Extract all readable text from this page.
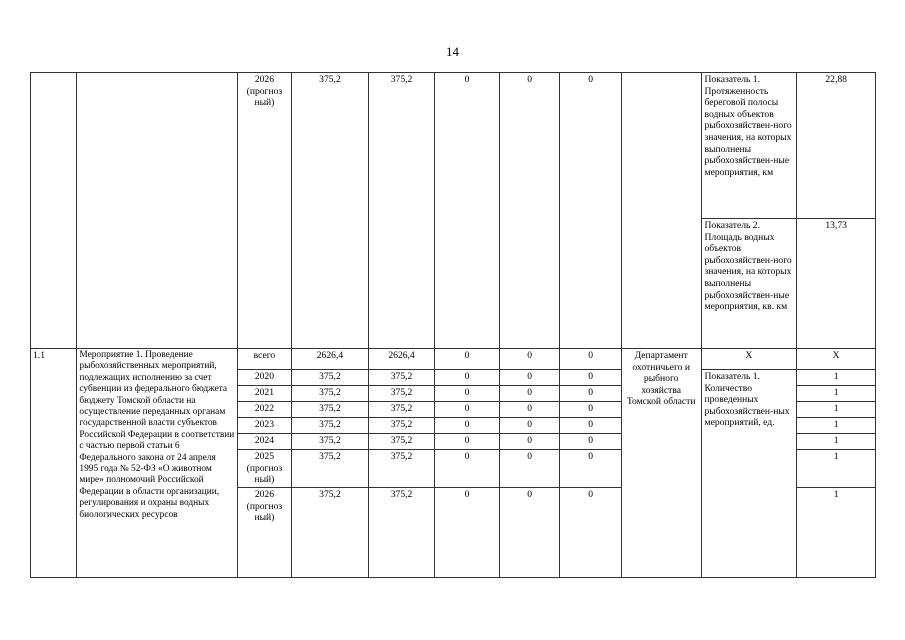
14
		2026 (прогноз ный)	375,2	375,2	0	0	0		Показатель 1. Протяженность береговой полосы водных объектов рыбохозяйствен-ного значения, на которых выполнены рыбохозяйствен-ные мероприятия, км	22,88
									Показатель 2. Площадь водных объектов рыбохозяйствен-ного значения, на которых выполнены рыбохозяйствен-ные мероприятия, кв. км	13,73
1.1	Мероприятие 1. Проведение рыбохозяйственных мероприятий, подлежащих исполнению за счет субвенции из федерального бюджета бюджету Томской области на осуществление переданных органам государственной власти субъектов Российской Федерации в соответствии с частью первой статьи 6 Федерального закона от 24 апреля 1995 года № 52-ФЗ «О животном мире» полномочий Российской Федерации в области организации, регулирования и охраны водных биологических ресурсов	всего	2626,4	2626,4	0	0	0	Департамент охотничьего и рыбного хозяйства Томской области	Х	Х
		2020	375,2	375,2	0	0	0		Показатель 1. Количество проведенных рыбохозяйствен-ных мероприятий, ед.	1
		2021	375,2	375,2	0	0	0			1
		2022	375,2	375,2	0	0	0			1
		2023	375,2	375,2	0	0	0			1
		2024	375,2	375,2	0	0	0			1
		2025 (прогноз ный)	375,2	375,2	0	0	0			1
		2026 (прогноз ный)	375,2	375,2	0	0	0			1
